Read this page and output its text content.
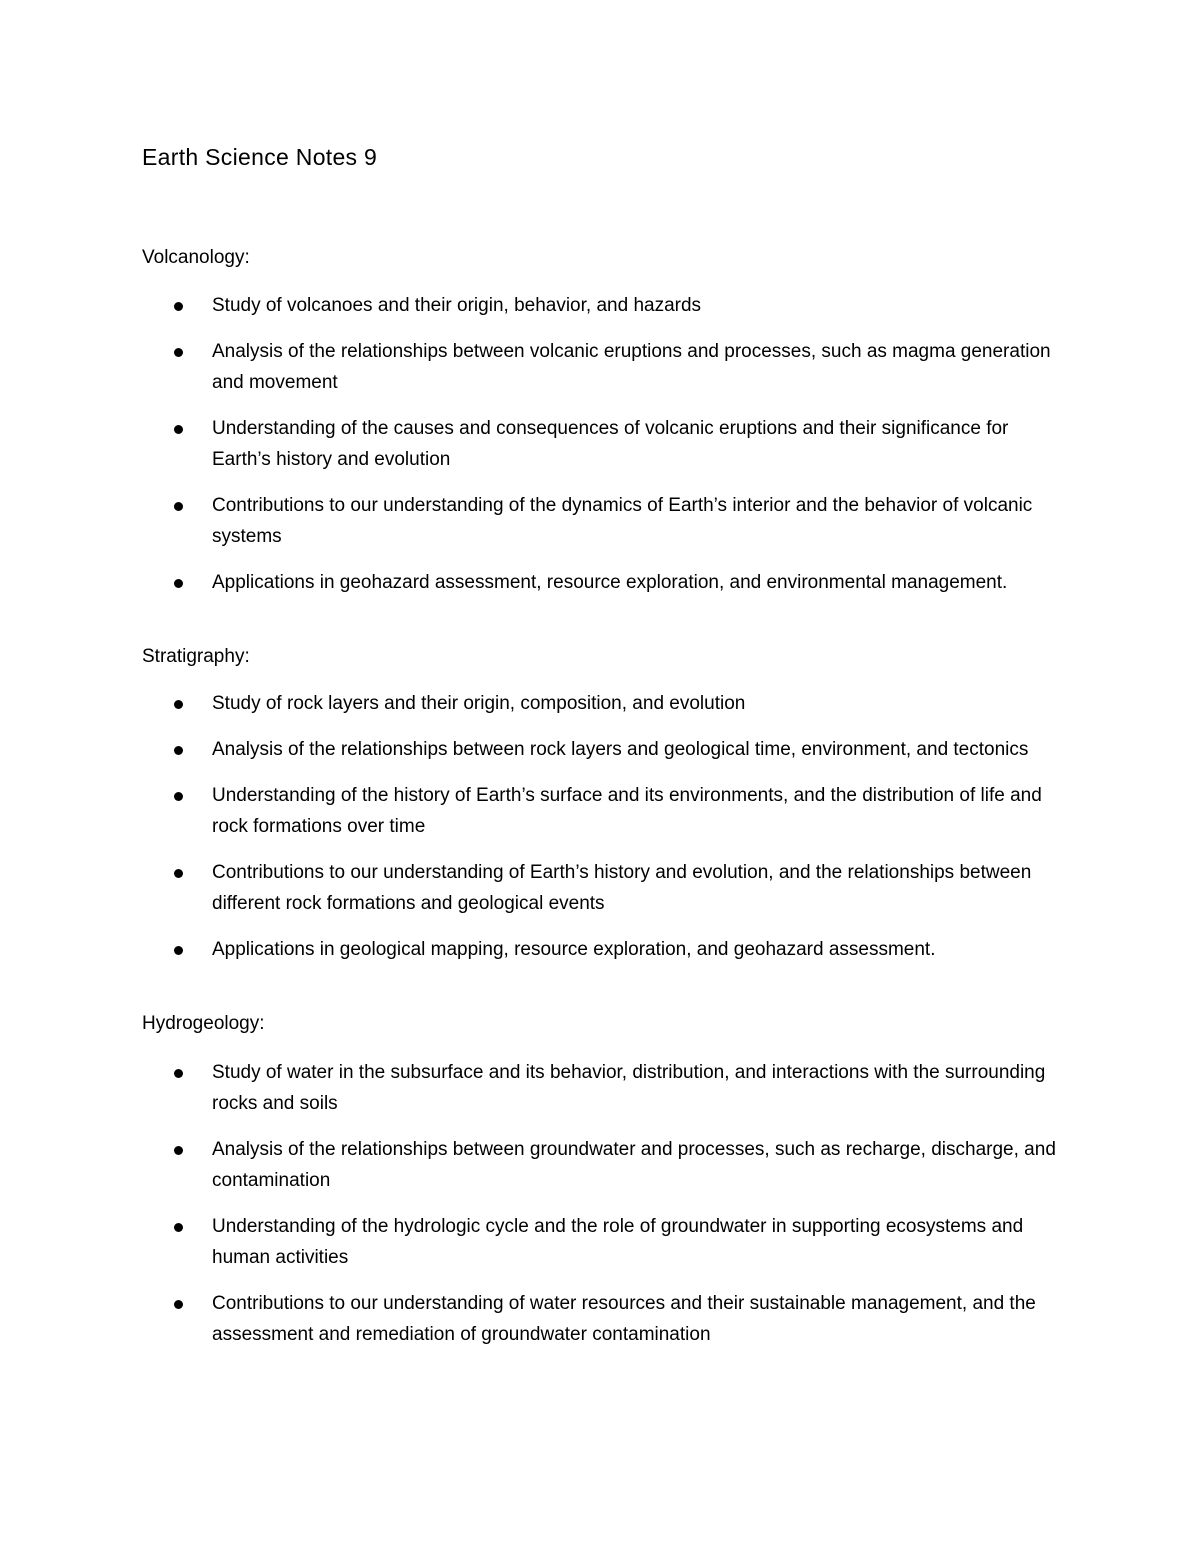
Earth Science Notes 9
Volcanology:
Study of volcanoes and their origin, behavior, and hazards
Analysis of the relationships between volcanic eruptions and processes, such as magma generation and movement
Understanding of the causes and consequences of volcanic eruptions and their significance for Earth’s history and evolution
Contributions to our understanding of the dynamics of Earth’s interior and the behavior of volcanic systems
Applications in geohazard assessment, resource exploration, and environmental management.
Stratigraphy:
Study of rock layers and their origin, composition, and evolution
Analysis of the relationships between rock layers and geological time, environment, and tectonics
Understanding of the history of Earth’s surface and its environments, and the distribution of life and rock formations over time
Contributions to our understanding of Earth’s history and evolution, and the relationships between different rock formations and geological events
Applications in geological mapping, resource exploration, and geohazard assessment.
Hydrogeology:
Study of water in the subsurface and its behavior, distribution, and interactions with the surrounding rocks and soils
Analysis of the relationships between groundwater and processes, such as recharge, discharge, and contamination
Understanding of the hydrologic cycle and the role of groundwater in supporting ecosystems and human activities
Contributions to our understanding of water resources and their sustainable management, and the assessment and remediation of groundwater contamination
